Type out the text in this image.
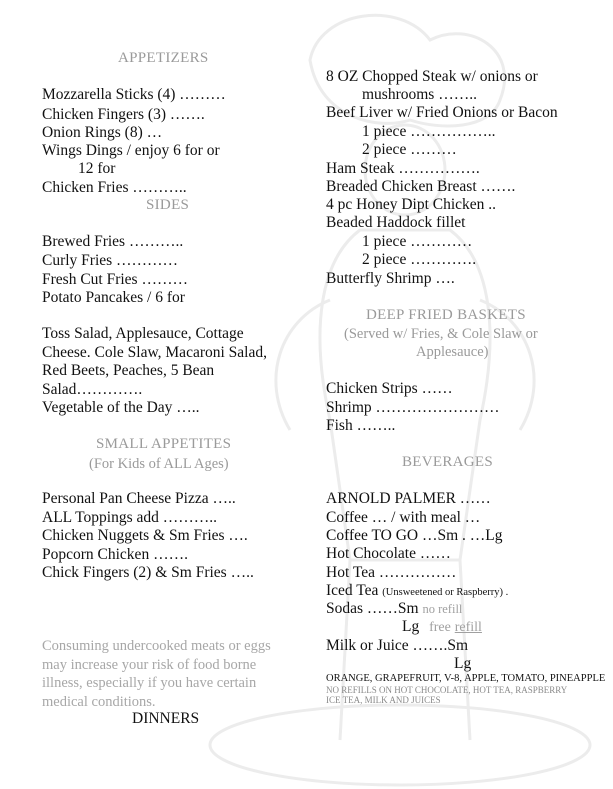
APPETIZERS
Mozzarella Sticks (4) ………
Chicken Fingers (3) …….
Onion Rings (8) …
Wings Dings / enjoy 6 for or
12 for
Chicken Fries ………..
SIDES
Brewed Fries ………..
Curly Fries …………
Fresh Cut Fries ………
Potato Pancakes / 6 for
Toss Salad, Applesauce, Cottage
Cheese. Cole Slaw, Macaroni Salad,
Red Beets, Peaches, 5 Bean
Salad………….
Vegetable of the Day …..
SMALL APPETITES
(For Kids of ALL Ages)
Personal Pan Cheese Pizza …..
ALL Toppings add ………..
Chicken Nuggets & Sm Fries ….
Popcorn Chicken …….
Chick Fingers (2) & Sm Fries …..
Consuming undercooked meats or eggs may increase your risk of food borne illness, especially if you have certain medical conditions.
DINNERS
8 OZ Chopped Steak w/ onions or
mushrooms ……..
Beef Liver w/ Fried Onions or Bacon
1 piece ……………..
2 piece ………
Ham Steak …………….
Breaded Chicken Breast …….
4 pc Honey Dipt Chicken ..
Beaded Haddock fillet
1 piece …………
2 piece ………….
Butterfly Shrimp ….
DEEP FRIED BASKETS
(Served w/ Fries, & Cole Slaw or
Applesauce)
Chicken Strips ……
Shrimp ……………………
Fish ……..
BEVERAGES
ARNOLD PALMER ……
Coffee … / with meal …
Coffee TO GO …Sm . …Lg
Hot Chocolate ……
Hot Tea ……………
Iced Tea (Unsweetened or Raspberry) .
Sodas ……Sm no refill
Lg free refill
Milk or Juice …….Sm
Lg
ORANGE, GRAPEFRUIT, V-8, APPLE, TOMATO, PINEAPPLE
NO REFILLS ON HOT CHOCOLATE, HOT TEA, RASPBERRY
ICE TEA, MILK AND JUICES
